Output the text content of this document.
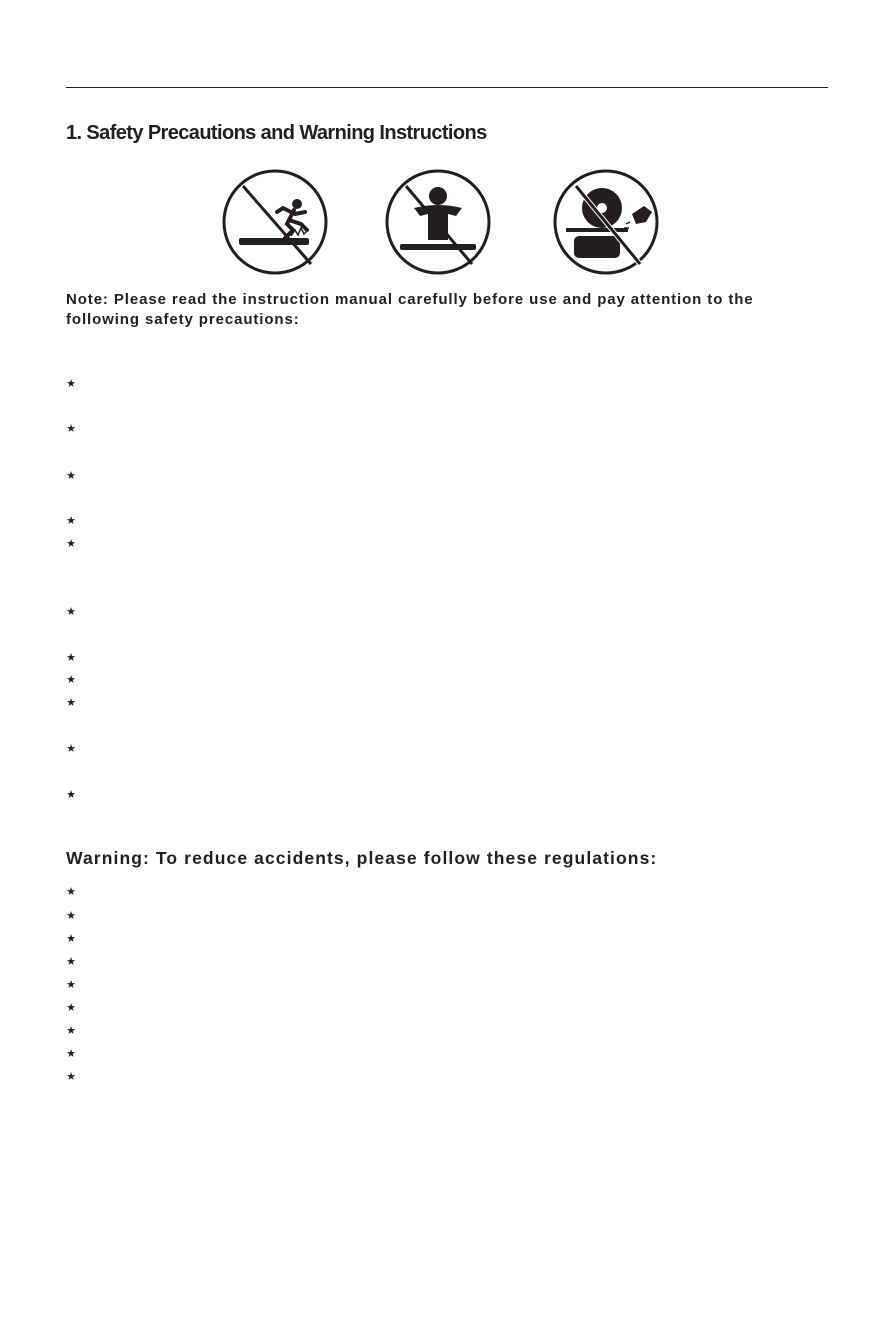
1. Safety Precautions and Warning Instructions

Note: Please read the instruction manual carefully before use and pay attention to the following safety precautions:

★
★
★
★
★
★
★
★
★
★
★
Warning: To reduce accidents, please follow these regulations:
★
★
★
★
★
★
★
★
★
